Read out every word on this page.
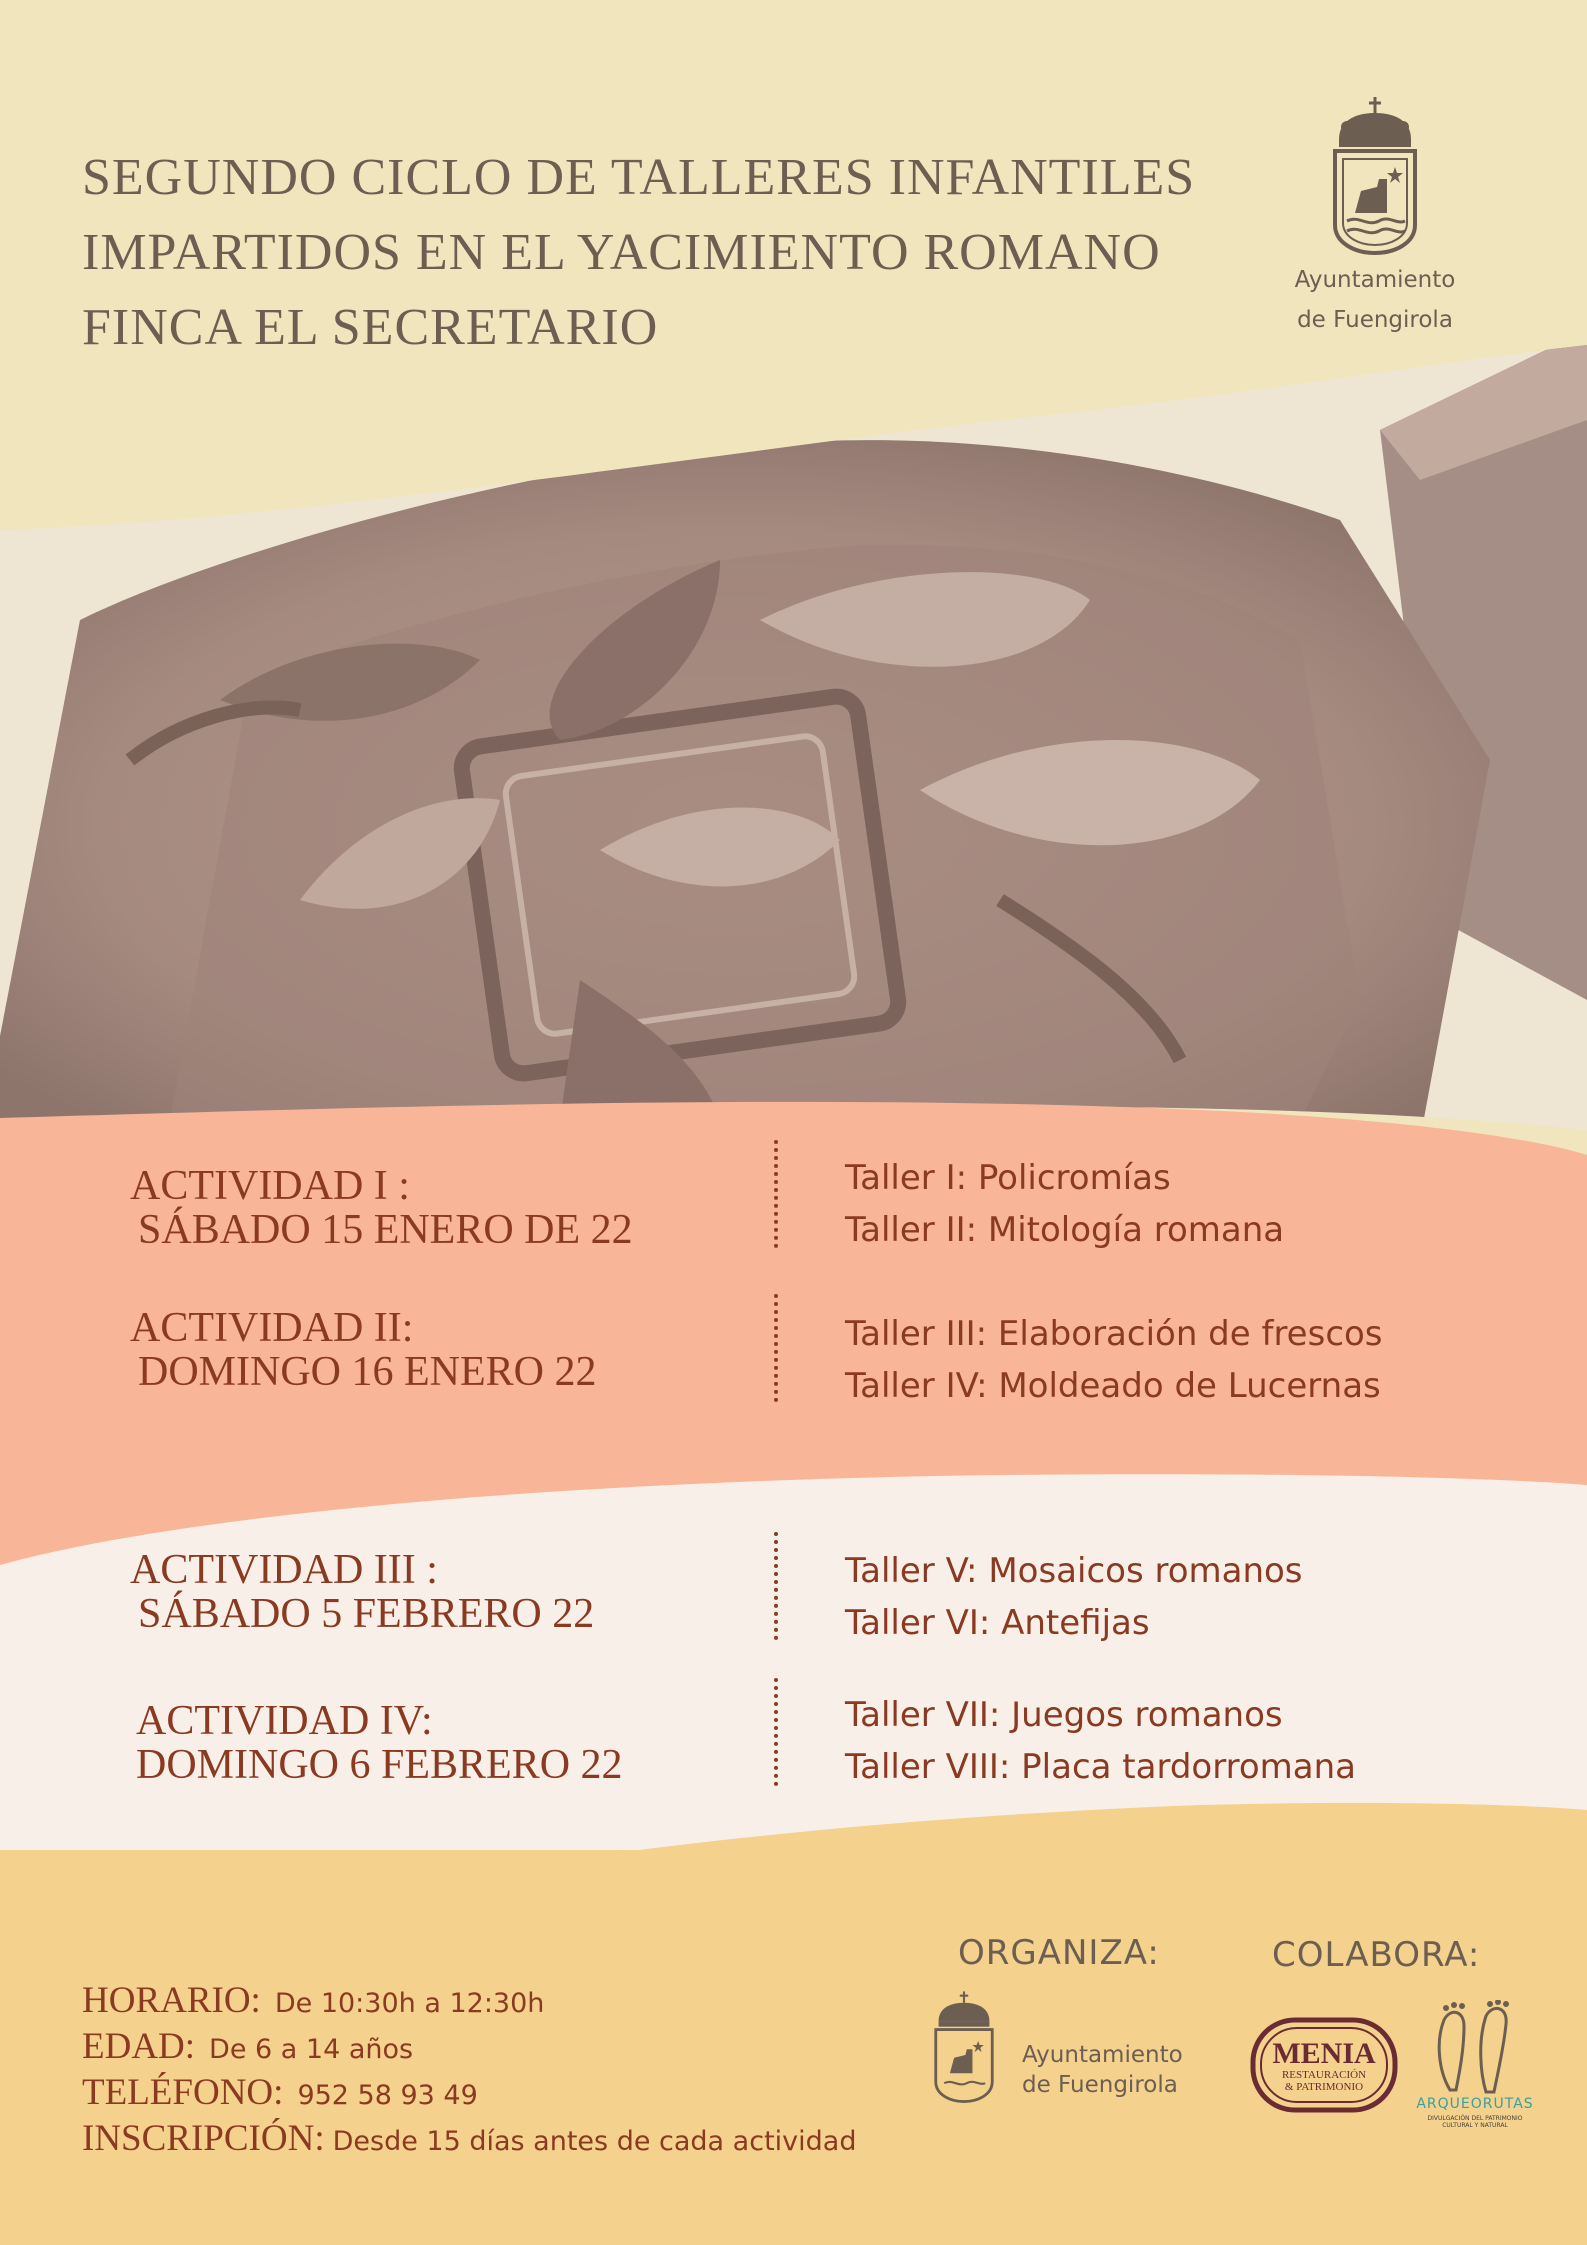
SEGUNDO CICLO DE TALLERES INFANTILES
IMPARTIDOS EN EL YACIMIENTO ROMANO
FINCA EL SECRETARIO
Ayuntamiento
de Fuengirola
ACTIVIDAD I :
SÁBADO 15 ENERO DE 22
Taller I: Policromías
Taller II: Mitología romana
ACTIVIDAD II:
DOMINGO 16 ENERO 22
Taller III: Elaboración de frescos
Taller IV: Moldeado de Lucernas
ACTIVIDAD III :
SÁBADO 5 FEBRERO 22
Taller V: Mosaicos romanos
Taller VI: Antefijas
ACTIVIDAD IV:
DOMINGO 6 FEBRERO 22
Taller VII: Juegos romanos
Taller VIII: Placa tardorromana
HORARIO: De 10:30h a 12:30h
EDAD: De 6 a 14 años
TELÉFONO: 952 58 93 49
INSCRIPCIÓN: Desde 15 días antes de cada actividad
ORGANIZA:
Ayuntamiento
de Fuengirola
COLABORA:
MENIA
RESTAURACIÓN
& PATRIMONIO
ARQUEORUTAS
DIVULGACIÓN DEL PATRIMONIO
CULTURAL Y NATURAL
